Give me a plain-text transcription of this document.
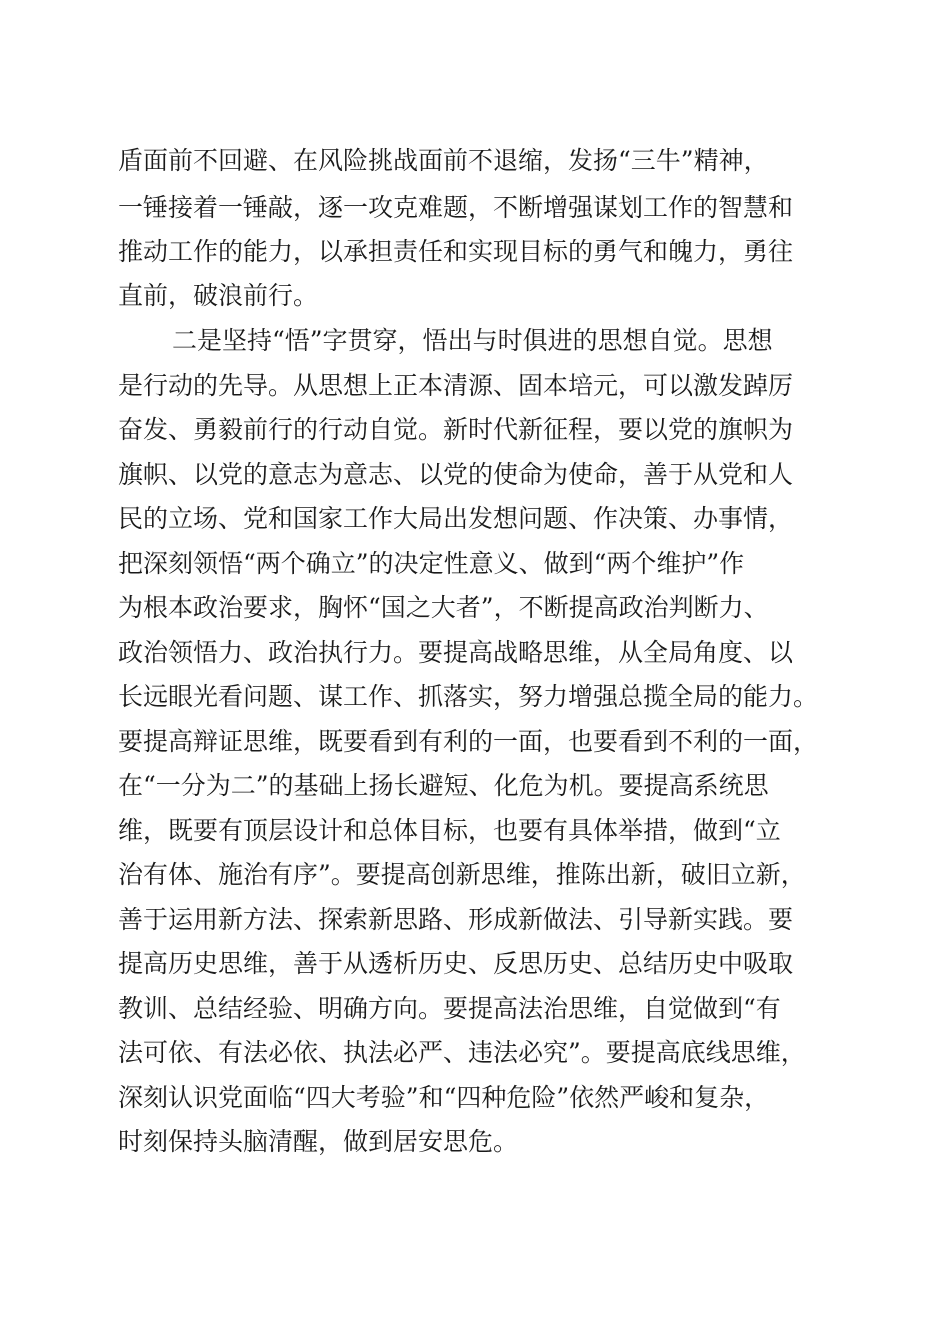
盾面前不回避、在风险挑战面前不退缩，发扬“三牛”精神，
一锤接着一锤敲，逐一攻克难题，不断增强谋划工作的智慧和
推动工作的能力，以承担责任和实现目标的勇气和魄力，勇往
直前，破浪前行。
二是坚持“悟”字贯穿，悟出与时俱进的思想自觉。思想
是行动的先导。从思想上正本清源、固本培元，可以激发踔厉
奋发、勇毅前行的行动自觉。新时代新征程，要以党的旗帜为
旗帜、以党的意志为意志、以党的使命为使命，善于从党和人
民的立场、党和国家工作大局出发想问题、作决策、办事情，
把深刻领悟“两个确立”的决定性意义、做到“两个维护”作
为根本政治要求，胸怀“国之大者”，不断提高政治判断力、
政治领悟力、政治执行力。要提高战略思维，从全局角度、以
长远眼光看问题、谋工作、抓落实，努力增强总揽全局的能力。
要提高辩证思维，既要看到有利的一面，也要看到不利的一面，
在“一分为二”的基础上扬长避短、化危为机。要提高系统思
维，既要有顶层设计和总体目标，也要有具体举措，做到“立
治有体、施治有序”。要提高创新思维，推陈出新，破旧立新，
善于运用新方法、探索新思路、形成新做法、引导新实践。要
提高历史思维，善于从透析历史、反思历史、总结历史中吸取
教训、总结经验、明确方向。要提高法治思维，自觉做到“有
法可依、有法必依、执法必严、违法必究”。要提高底线思维，
深刻认识党面临“四大考验”和“四种危险”依然严峻和复杂，
时刻保持头脑清醒，做到居安思危。
